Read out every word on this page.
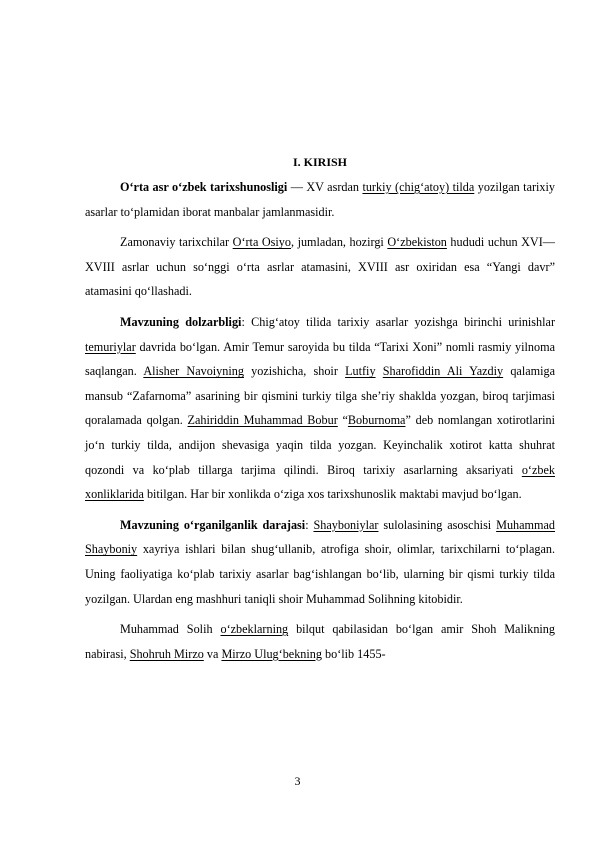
I. KIRISH

O‘rta asr o‘zbek tarixshunosligi — XV asrdan turkiy (chig‘atoy) tilda yozilgan tarixiy asarlar to‘plamidan iborat manbalar jamlanmasidir.

Zamonaviy tarixchilar O‘rta Osiyo, jumladan, hozirgi O‘zbekiston hududi uchun XVI—XVIII asrlar uchun so‘nggi o‘rta asrlar atamasini, XVIII asr oxiridan esa “Yangi davr” atamasini qo‘llashadi.

Mavzuning dolzarbligi: Chig‘atoy tilida tarixiy asarlar yozishga birinchi urinishlar temuriylar davrida bo‘lgan. Amir Temur saroyida bu tilda “Tarixi Xoni” nomli rasmiy yilnoma saqlangan. Alisher Navoiyning yozishicha, shoir Lutfiy Sharofiddin Ali Yazdiy qalamiga mansub “Zafarnoma” asarining bir qismini turkiy tilga she’riy shaklda yozgan, biroq tarjimasi qoralamada qolgan. Zahiriddin Muhammad Bobur “Boburnoma” deb nomlangan xotirotlarini jo‘n turkiy tilda, andijon shevasiga yaqin tilda yozgan. Keyinchalik xotirot katta shuhrat qozondi va ko‘plab tillarga tarjima qilindi. Biroq tarixiy asarlarning aksariyati o‘zbek xonliklarida bitilgan. Har bir xonlikda o‘ziga xos tarixshunoslik maktabi mavjud bo‘lgan.

Mavzuning o‘rganilganlik darajasi: Shayboniylar sulolasining asoschisi Muhammad Shayboniy xayriya ishlari bilan shug‘ullanib, atrofiga shoir, olimlar, tarixchilarni to‘plagan. Uning faoliyatiga ko‘plab tarixiy asarlar bag‘ishlangan bo‘lib, ularning bir qismi turkiy tilda yozilgan. Ulardan eng mashhuri taniqli shoir Muhammad Solihning kitobidir.

Muhammad Solih o‘zbeklarning bilqut qabilasidan bo‘lgan amir Shoh Malikning nabirasi, Shohruh Mirzo va Mirzo Ulug‘bekning bo‘lib 1455-

3
